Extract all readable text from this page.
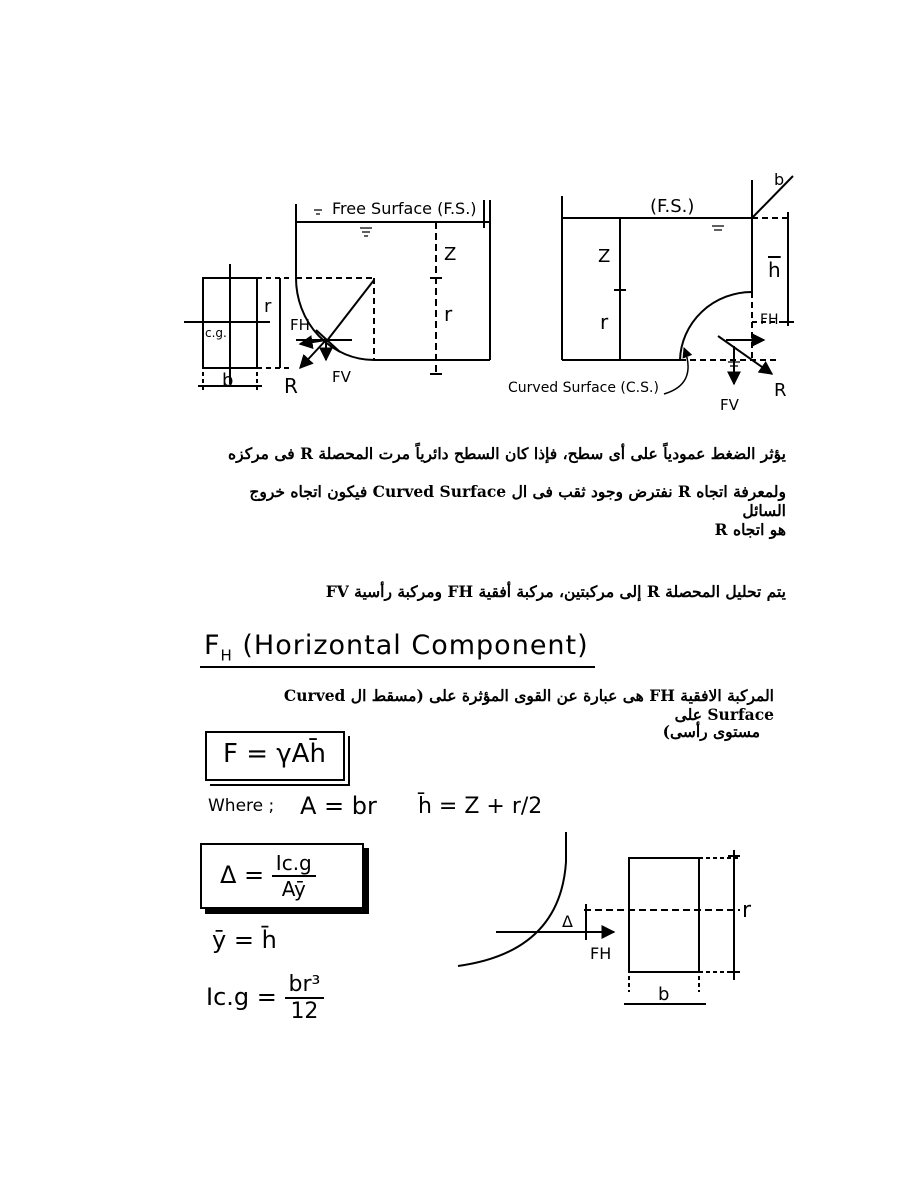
Free Surface (F.S.)
Z
r
r
b
c.g.	FH
FV
R
(F.S.)
b
Z
r
$\overline{h}$
FH
FV
R
Curved Surface (C.S.)
يؤثر الضغط عمودياً على أى سطح، فإذا كان السطح دائرياً مرت المحصلة R فى مركزه
ولمعرفة اتجاه R نفترض وجود ثقب فى ال Curved Surface فيكون اتجاه خروج السائل
هو اتجاه R
يتم تحليل المحصلة R إلى مركبتين، مركبة أفقية FH ومركبة رأسية FV
$F_H$ (Horizontal Component)
المركبة الافقية FH هى عبارة عن القوى المؤثرة على (مسقط ال Curved Surface على
مستوى رأسى)
F = γAh̄
Where ; A = br h̄ = Z + r/2
$\Delta = \frac{Ic.g}{Aȳ}$
ȳ = h̄
$Ic.g = \frac{\text{br³}}{12}$
Δ
FH
r
b
